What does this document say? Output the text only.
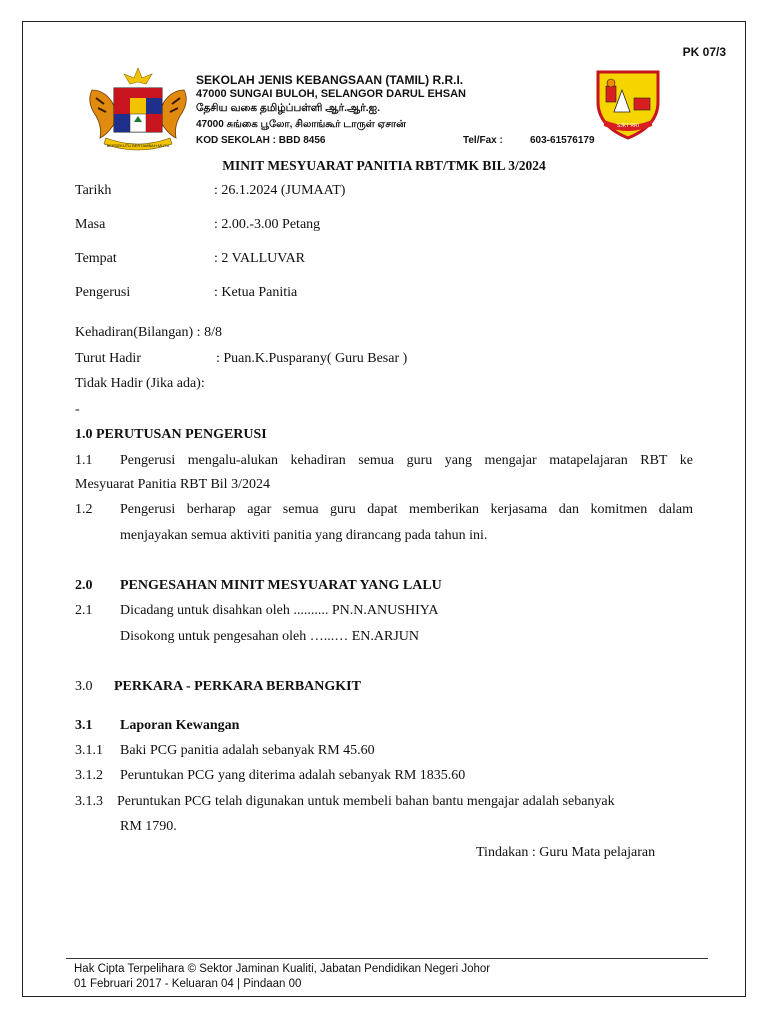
PK 07/3
BERSEKUTU BERTAMBAH MUTU
SJKT RRI
SEKOLAH JENIS KEBANGSAAN (TAMIL) R.R.I.
47000 SUNGAI BULOH, SELANGOR DARUL EHSAN
தேசிய வகை தமிழ்ப்பள்ளி ஆர்.ஆர்.ஐ.
47000 சுங்கை பூலோ, சிலாங்கூர் டாருள் ஏசான்
KOD SEKOLAH : BBD 8456	Tel/Fax :	603-61576179
MINIT MESYUARAT PANITIA RBT/TMK BIL 3/2024
Tarikh	: 26.1.2024 (JUMAAT)
Masa	: 2.00.-3.00 Petang
Tempat	: 2 VALLUVAR
Pengerusi	: Ketua Panitia
Kehadiran(Bilangan) : 8/8
Turut Hadir	: Puan.K.Pusparany( Guru Besar )
Tidak Hadir (Jika ada):
-
1.0 PERUTUSAN PENGERUSI
1.1 Pengerusi mengalu-alukan kehadiran semua guru yang mengajar matapelajaran RBT ke
Mesyuarat Panitia RBT Bil 3/2024
1.2 Pengerusi berharap agar semua guru dapat memberikan kerjasama dan komitmen dalam
menjayakan semua aktiviti panitia yang dirancang pada tahun ini.
2.0 PENGESAHAN MINIT MESYUARAT YANG LALU
2.1 Dicadang untuk disahkan oleh .......... PN.N.ANUSHIYA
Disokong untuk pengesahan oleh …...… EN.ARJUN
3.0 PERKARA - PERKARA BERBANGKIT
3.1 Laporan Kewangan
3.1.1 Baki PCG panitia adalah sebanyak RM 45.60
3.1.2 Peruntukan PCG yang diterima adalah sebanyak RM 1835.60
3.1.3 Peruntukan PCG telah digunakan untuk membeli bahan bantu mengajar adalah sebanyak
RM 1790.
Tindakan : Guru Mata pelajaran
Hak Cipta Terpelihara © Sektor Jaminan Kualiti, Jabatan Pendidikan Negeri Johor
01 Februari 2017 - Keluaran 04 | Pindaan 00
